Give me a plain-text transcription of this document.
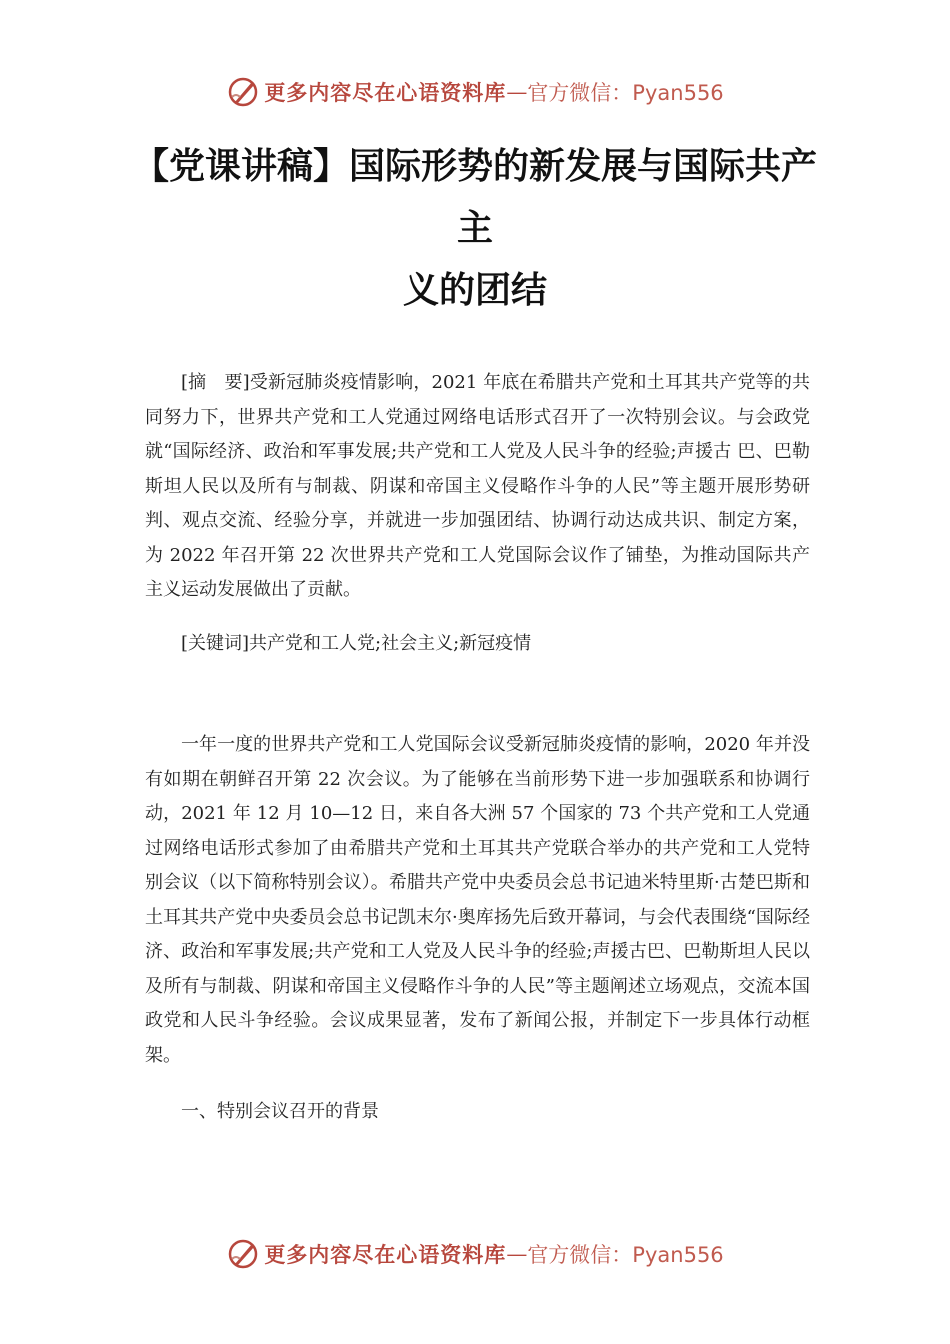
更多内容尽在心语资料库 — 官方微信：Pyan556
【党课讲稿】国际形势的新发展与国际共产
主
义的团结

[摘　要]受新冠肺炎疫情影响，2021 年底在希腊共产党和土耳其共产党等的共同努力下，世界共产党和工人党通过网络电话形式召开了一次特别会议。与会政党就“国际经济、政治和军事发展;共产党和工人党及人民斗争的经验;声援古 巴、巴勒斯坦人民以及所有与制裁、阴谋和帝国主义侵略作斗争的人民”等主题开展形势研判、观点交流、经验分享，并就进一步加强团结、协调行动达成共识、制定方案，为 2022 年召开第 22 次世界共产党和工人党国际会议作了铺垫，为推动国际共产主义运动发展做出了贡献。

[关键词]共产党和工人党;社会主义;新冠疫情

一年一度的世界共产党和工人党国际会议受新冠肺炎疫情的影响，2020 年并没有如期在朝鲜召开第 22 次会议。为了能够在当前形势下进一步加强联系和协调行动，2021 年 12 月 10—12 日，来自各大洲 57 个国家的 73 个共产党和工人党通过网络电话形式参加了由希腊共产党和土耳其共产党联合举办的共产党和工人党特别会议（以下简称特别会议）。希腊共产党中央委员会总书记迪米特里斯·古楚巴斯和土耳其共产党中央委员会总书记凯末尔·奥库扬先后致开幕词，与会代表围绕“国际经济、政治和军事发展;共产党和工人党及人民斗争的经验;声援古巴、巴勒斯坦人民以及所有与制裁、阴谋和帝国主义侵略作斗争的人民”等主题阐述立场观点，交流本国政党和人民斗争经验。会议成果显著，发布了新闻公报，并制定下一步具体行动框架。

一、特别会议召开的背景

更多内容尽在心语资料库 — 官方微信：Pyan556
